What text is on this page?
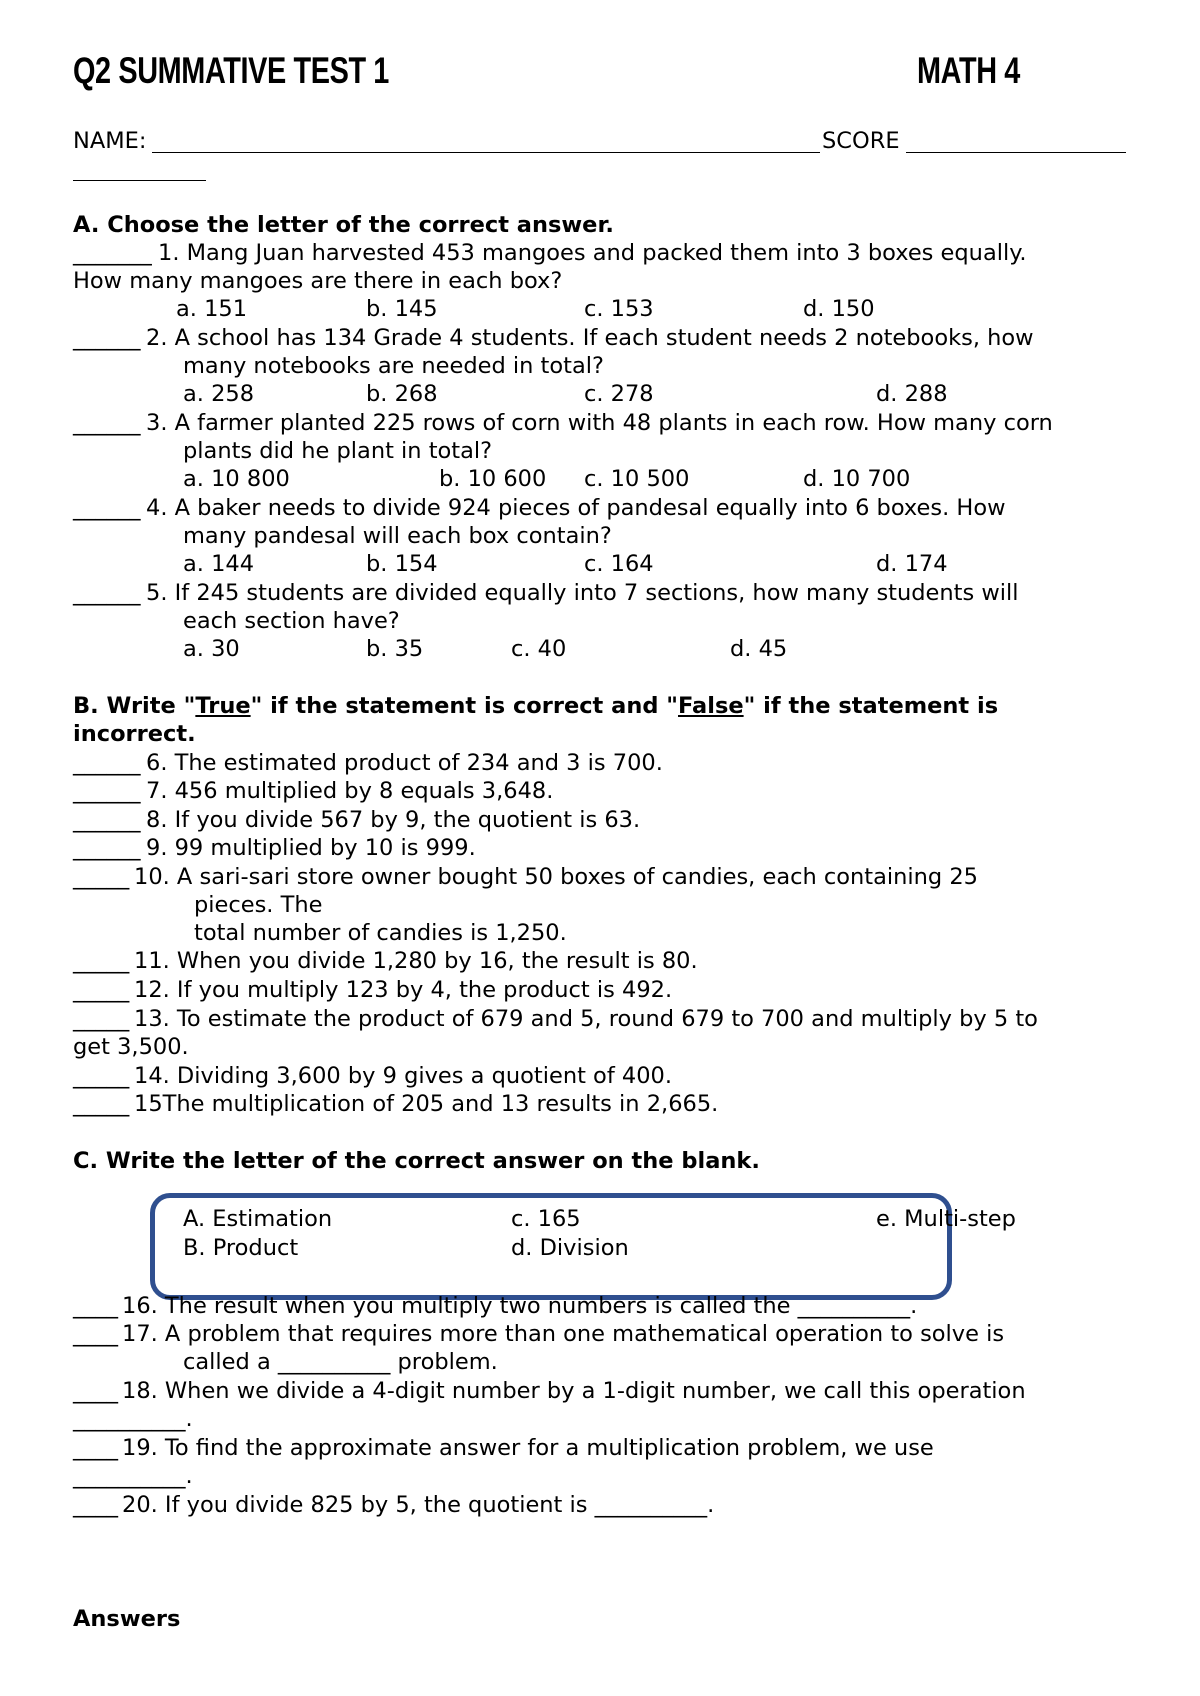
Q2 SUMMATIVE TEST 1	MATH 4
NAME:	SCORE
A. Choose the letter of the correct answer.
_______ 1. Mang Juan harvested 453 mangoes and packed them into 3 boxes equally.
How many mangoes are there in each box?
a. 151	b. 145	c. 153	d. 150
______ 2. A school has 134 Grade 4 students. If each student needs 2 notebooks, how
many notebooks are needed in total?
a. 258	b. 268	c. 278	d. 288
______ 3. A farmer planted 225 rows of corn with 48 plants in each row. How many corn
plants did he plant in total?
a. 10 800	b. 10 600 c. 10 500	d. 10 700
______ 4. A baker needs to divide 924 pieces of pandesal equally into 6 boxes. How
many pandesal will each box contain?
a. 144	b. 154	c. 164	d. 174
______ 5. If 245 students are divided equally into 7 sections, how many students will
each section have?
a. 30	b. 35	c. 40	d. 45
B. Write "True" if the statement is correct and "False" if the statement is
incorrect.
______ 6. The estimated product of 234 and 3 is 700.
______ 7. 456 multiplied by 8 equals 3,648.
______ 8. If you divide 567 by 9, the quotient is 63.
______ 9. 99 multiplied by 10 is 999.
_____ 10. A sari-sari store owner bought 50 boxes of candies, each containing 25
pieces. The
total number of candies is 1,250.
_____ 11. When you divide 1,280 by 16, the result is 80.
_____ 12. If you multiply 123 by 4, the product is 492.
_____ 13. To estimate the product of 679 and 5, round 679 to 700 and multiply by 5 to
get 3,500.
_____ 14. Dividing 3,600 by 9 gives a quotient of 400.
_____ 15The multiplication of 205 and 13 results in 2,665.
C. Write the letter of the correct answer on the blank.
A. Estimation	c. 165	e. Multi-step
B. Product	d. Division
____ 16. The result when you multiply two numbers is called the __________.
____ 17. A problem that requires more than one mathematical operation to solve is
called a __________ problem.
____ 18. When we divide a 4-digit number by a 1-digit number, we call this operation
__________.
____ 19. To find the approximate answer for a multiplication problem, we use
__________.
____ 20. If you divide 825 by 5, the quotient is __________.
Answers
